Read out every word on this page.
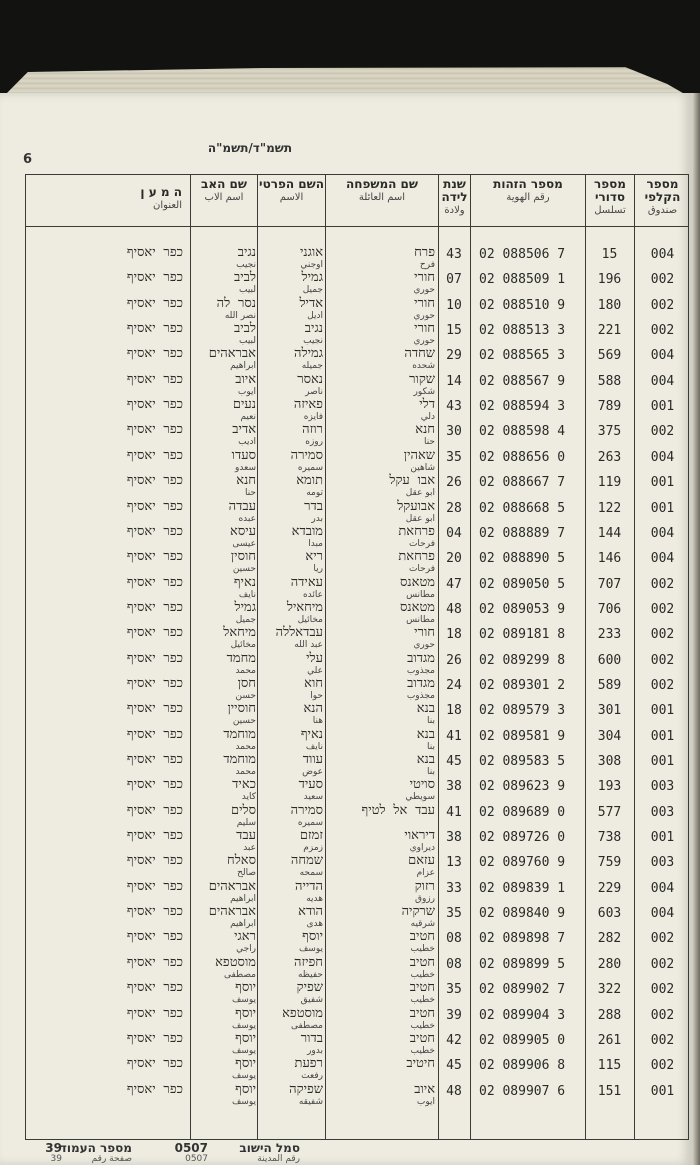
תשמ"ד/תשמ"ה
6
מספר הקלפי
صندوق
מספר סדורי
تسلسل
מספר הזהות
رقم الهوية
שנת לידה
ولادة
שם המשפחה
اسم العائلة
השם הפרטי
الاسم
שם האב
اسم الاب
ה מ ע ן
العنوان
004
15
02 088506 7
43
פרח
فرح
אוגני
اوجني
נגיב
نجيب
כפר יאסיף
002
196
02 088509 1
07
חורי
حوري
גמיל
جميل
לביב
لبيب
כפר יאסיף
002
180
02 088510 9
10
חורי
حوري
אדיל
اديل
נסר לה
نصر الله
כפר יאסיף
002
221
02 088513 3
15
חורי
حوري
נגיב
نجيب
לביב
لبيب
כפר יאסיף
004
569
02 088565 3
29
שחדה
شحده
גמילה
جميله
אבראהים
ابراهيم
כפר יאסיף
004
588
02 088567 9
14
שקור
شكور
נאסר
ناصر
איוב
ايوب
כפר יאסיף
001
789
02 088594 3
43
דלי
دلي
פאיזה
فايزه
נעים
نعيم
כפר יאסיף
002
375
02 088598 4
30
חנא
حنا
רוזה
روزه
אדיב
اديب
כפר יאסיף
004
263
02 088656 0
35
שאהין
شاهين
סמירה
سميره
סעדו
سعدو
כפר יאסיף
001
119
02 088667 7
26
אבו עקל
ابو عقل
תומא
تومه
חנא
حنا
כפר יאסיף
001
122
02 088668 5
28
אבועקל
ابو عقل
בדר
بدر
עבדה
عبده
כפר יאסיף
004
144
02 088889 7
04
פרחאת
فرحات
מובדא
مبدا
עיסא
عيسى
כפר יאסיף
004
146
02 088890 5
20
פרחאת
فرحات
ריא
ريا
חוסין
حسين
כפר יאסיף
002
707
02 089050 5
47
מטאנס
مطانس
עאידה
عائده
נאיף
نايف
כפר יאסיף
002
706
02 089053 9
48
מטאנס
مطانس
מיחאיל
مخائيل
גמיל
جميل
כפר יאסיף
002
233
02 089181 8
18
חורי
حوري
עבדאללה
عبد الله
מיחאל
مخائيل
כפר יאסיף
002
600
02 089299 8
26
מגדוב
مجذوب
עלי
علي
מחמד
محمد
כפר יאסיף
002
589
02 089301 2
24
מגדוב
مجذوب
חוא
حوا
חסן
حسن
כפר יאסיף
001
301
02 089579 3
18
בנא
بنا
הנא
هنا
חוסיין
حسين
כפר יאסיף
001
304
02 089581 9
41
בנא
بنا
נאיף
نايف
מוחמד
محمد
כפר יאסיף
001
308
02 089583 5
45
בנא
بنا
עווד
عوض
מוחמד
محمد
כפר יאסיף
003
193
02 089623 9
38
סויטי
سويطي
סעיד
سعيد
כאיד
كايد
כפר יאסיף
003
577
02 089689 0
41
עבד אל לטיף
סמירה
سميره
סלים
سليم
כפר יאסיף
001
738
02 089726 0
38
דיראוי
ديراوي
זמזם
زمزم
עבד
عبد
כפר יאסיף
003
759
02 089760 9
13
עזאם
عزام
שמחה
سمحه
סאלח
صالح
כפר יאסיף
004
229
02 089839 1
33
רזוק
رزوق
הדייה
هديه
אבראהים
ابراهيم
כפר יאסיף
004
603
02 089840 9
35
שרקיה
شرقيه
הודא
هدى
אבראהים
ابراهيم
כפר יאסיף
002
282
02 089898 7
08
חטיב
خطيب
יוסף
يوسف
ראגי
راجي
כפר יאסיף
002
280
02 089899 5
08
חטיב
خطيب
חפיזה
حفيظه
מוסטפא
مصطفى
כפר יאסיף
002
322
02 089902 7
35
חטיב
خطيب
שפיק
شفيق
יוסף
يوسف
כפר יאסיף
002
288
02 089904 3
39
חטיב
خطيب
מוסטפא
مصطفى
יוסף
يوسف
כפר יאסיף
002
261
02 089905 0
42
חטיב
خطيب
בדור
بدور
יוסף
يوسف
כפר יאסיף
002
115
02 089906 8
45
חיטיב
רפעת
رفعت
יוסף
يوسف
כפר יאסיף
001
151
02 089907 6
48
איוב
ايوب
שפיקה
شفيقه
יוסף
يوسف
כפר יאסיף
סמל הישוב
رقم المدينة
0507
0507
מספר העמוד
صفحة رقم
39
39
